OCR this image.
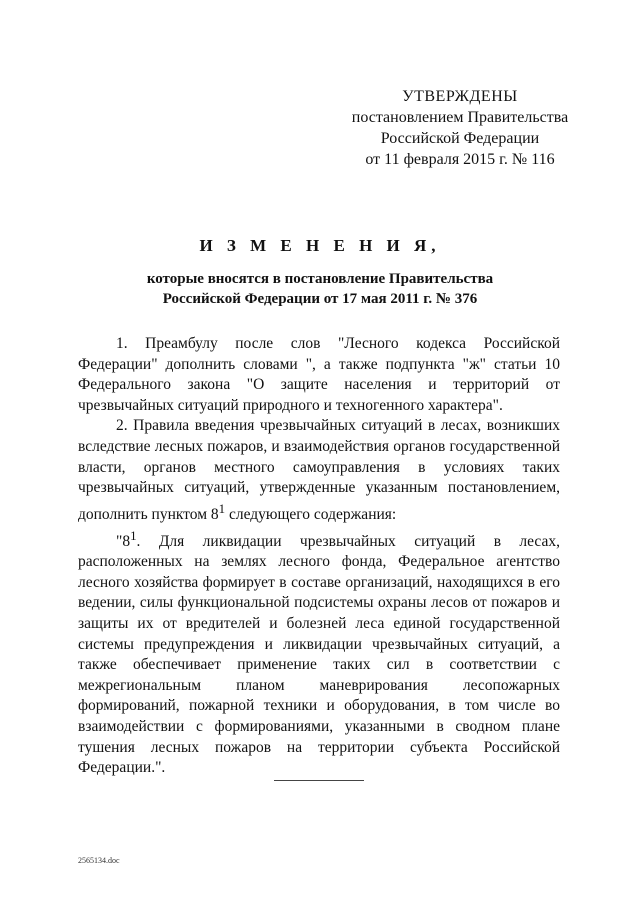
УТВЕРЖДЕНЫ
постановлением Правительства
Российской Федерации
от 11 февраля 2015 г. № 116
И З М Е Н Е Н И Я,
которые вносятся в постановление Правительства
Российской Федерации от 17 мая 2011 г. № 376

1. Преамбулу после слов "Лесного кодекса Российской Федерации" дополнить словами ", а также подпункта "ж" статьи 10 Федерального закона "О защите населения и территорий от чрезвычайных ситуаций природного и техногенного характера".

2. Правила введения чрезвычайных ситуаций в лесах, возникших вследствие лесных пожаров, и взаимодействия органов государственной власти, органов местного самоуправления в условиях таких чрезвычайных ситуаций, утвержденные указанным постановлением, дополнить пунктом $8^1$ следующего содержания:

"$8^1$. Для ликвидации чрезвычайных ситуаций в лесах, расположенных на землях лесного фонда, Федеральное агентство лесного хозяйства формирует в составе организаций, находящихся в его ведении, силы функциональной подсистемы охраны лесов от пожаров и защиты их от вредителей и болезней леса единой государственной системы предупреждения и ликвидации чрезвычайных ситуаций, а также обеспечивает применение таких сил в соответствии с межрегиональным планом маневрирования лесопожарных формирований, пожарной техники и оборудования, в том числе во взаимодействии с формированиями, указанными в сводном плане тушения лесных пожаров на территории субъекта Российской Федерации.".

2565134.doc
